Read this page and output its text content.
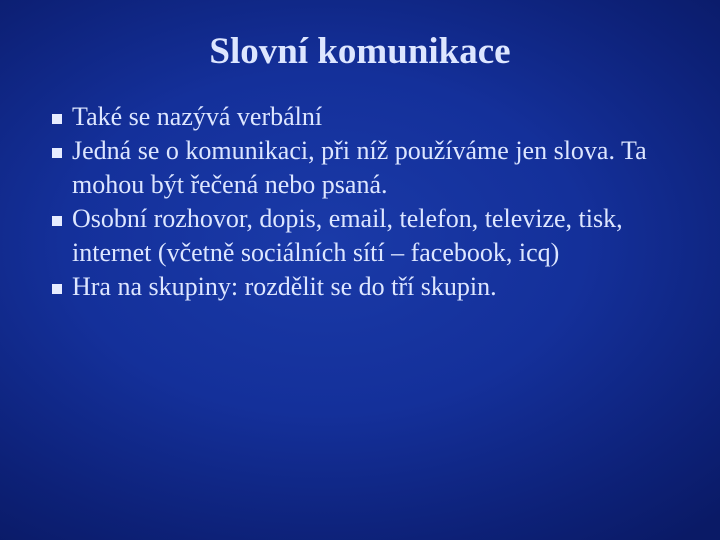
Slovní komunikace
Také se nazývá verbální
Jedná se o komunikaci, při níž používáme jen slova. Ta mohou být řečená nebo psaná.
Osobní rozhovor, dopis, email, telefon, televize, tisk, internet (včetně sociálních sítí – facebook, icq)
Hra na skupiny: rozdělit se do tří skupin.
